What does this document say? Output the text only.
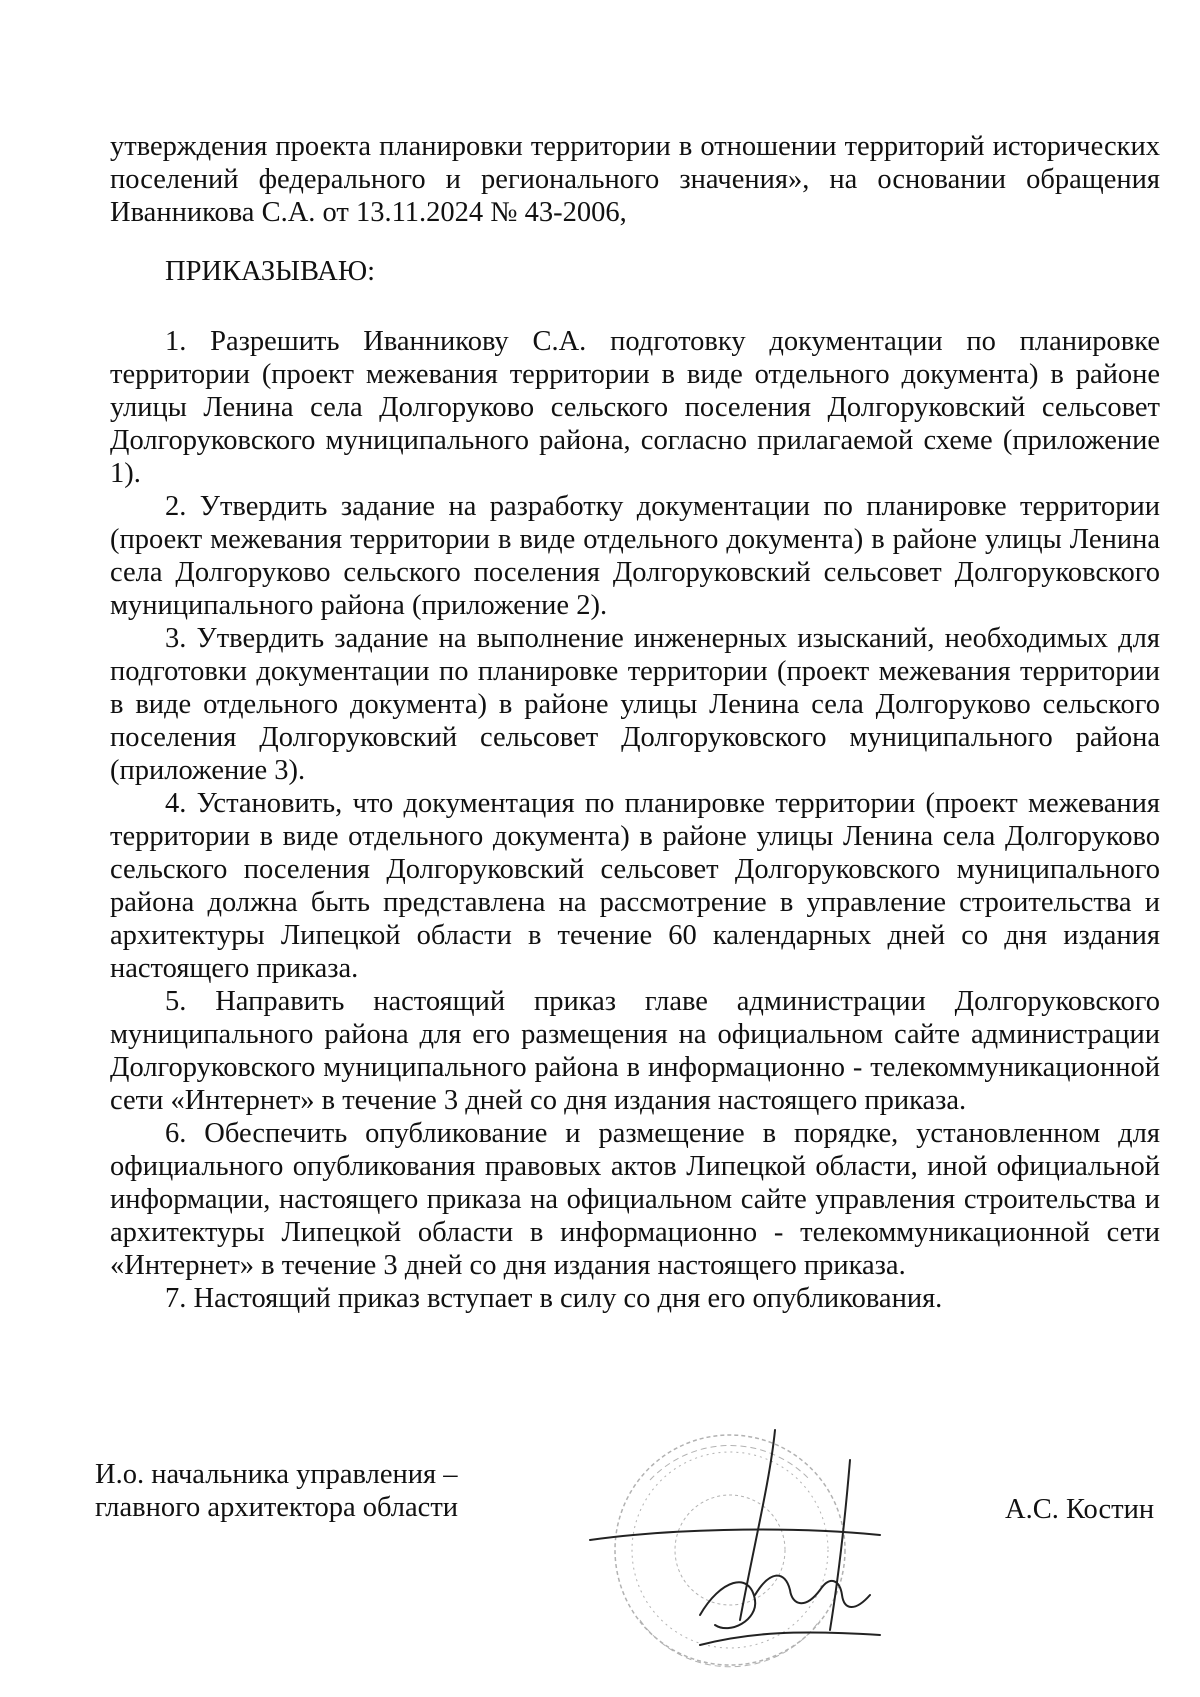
утверждения проекта планировки территории в отношении территорий исторических поселений федерального и регионального значения», на основании обращения Иванникова С.А. от 13.11.2024 № 43-2006,
ПРИКАЗЫВАЮ:

1. Разрешить Иванникову С.А. подготовку документации по планировке территории (проект межевания территории в виде отдельного документа) в районе улицы Ленина села Долгоруково сельского поселения Долгоруковский сельсовет Долгоруковского муниципального района, согласно прилагаемой схеме (приложение 1).

2. Утвердить задание на разработку документации по планировке территории (проект межевания территории в виде отдельного документа) в районе улицы Ленина села Долгоруково сельского поселения Долгоруковский сельсовет Долгоруковского муниципального района (приложение 2).

3. Утвердить задание на выполнение инженерных изысканий, необходимых для подготовки документации по планировке территории (проект межевания территории в виде отдельного документа) в районе улицы Ленина села Долгоруково сельского поселения Долгоруковский сельсовет Долгоруковского муниципального района (приложение 3).

4. Установить, что документация по планировке территории (проект межевания территории в виде отдельного документа) в районе улицы Ленина села Долгоруково сельского поселения Долгоруковский сельсовет Долгоруковского муниципального района должна быть представлена на рассмотрение в управление строительства и архитектуры Липецкой области в течение 60 календарных дней со дня издания настоящего приказа.

5. Направить настоящий приказ главе администрации Долгоруковского муниципального района для его размещения на официальном сайте администрации Долгоруковского муниципального района в информационно - телекоммуникационной сети «Интернет» в течение 3 дней со дня издания настоящего приказа.

6. Обеспечить опубликование и размещение в порядке, установленном для официального опубликования правовых актов Липецкой области, иной официальной информации, настоящего приказа на официальном сайте управления строительства и архитектуры Липецкой области в информационно - телекоммуникационной сети «Интернет» в течение 3 дней со дня издания настоящего приказа.

7. Настоящий приказ вступает в силу со дня его опубликования.

И.о. начальника управления –
главного архитектора области	А.С. Костин
